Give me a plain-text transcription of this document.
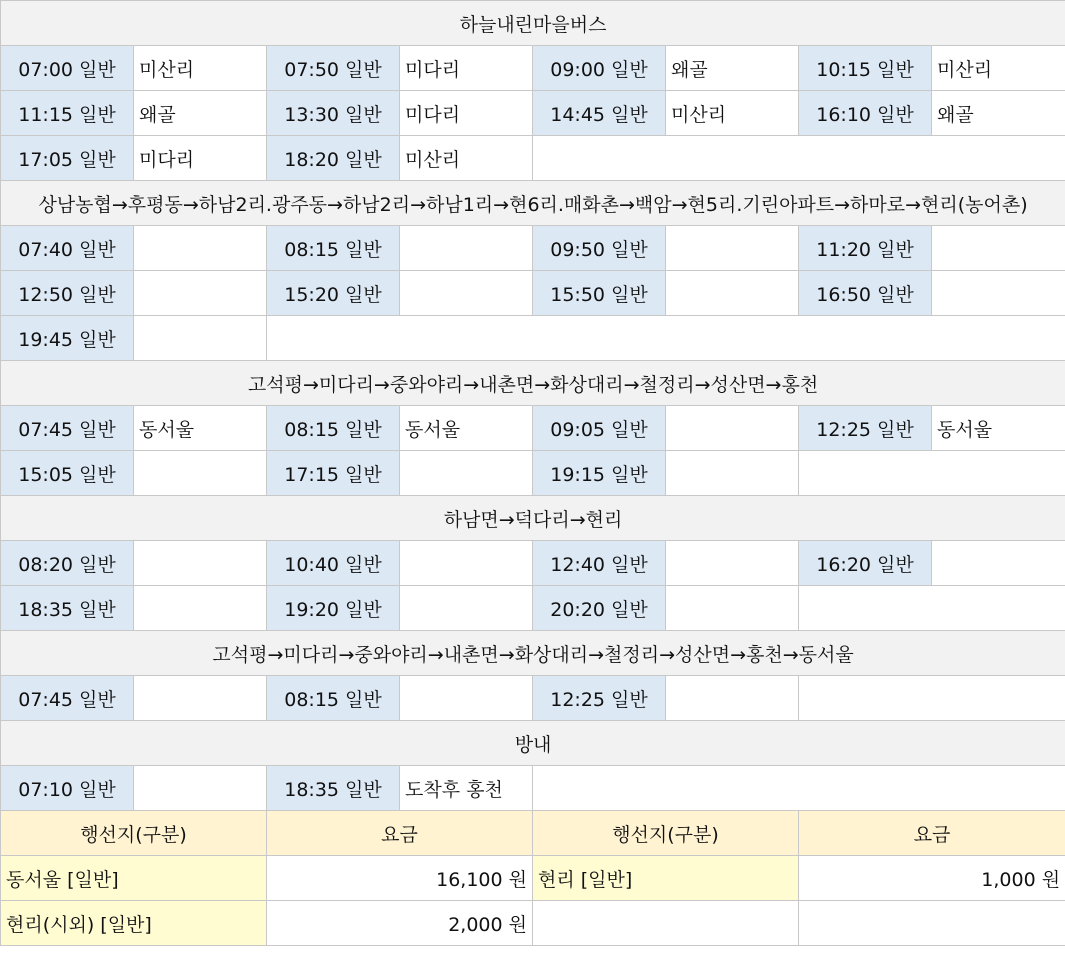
하늘내린마을버스							
07:00 일반	미산리	07:50 일반	미다리	09:00 일반	왜골	10:15 일반	미산리
11:15 일반	왜골	13:30 일반	미다리	14:45 일반	미산리	16:10 일반	왜골
17:05 일반	미다리	18:20 일반	미산리				
상남농협→후평동→하남2리.광주동→하남2리→하남1리→현6리.매화촌→백암→현5리.기린아파트→하마로→현리(농어촌)							
07:40 일반		08:15 일반		09:50 일반		11:20 일반	
12:50 일반		15:20 일반		15:50 일반		16:50 일반	
19:45 일반							
고석평→미다리→중와야리→내촌면→화상대리→철정리→성산면→홍천							
07:45 일반	동서울	08:15 일반	동서울	09:05 일반		12:25 일반	동서울
15:05 일반		17:15 일반		19:15 일반			
하남면→덕다리→현리							
08:20 일반		10:40 일반		12:40 일반		16:20 일반	
18:35 일반		19:20 일반		20:20 일반			
고석평→미다리→중와야리→내촌면→화상대리→철정리→성산면→홍천→동서울							
07:45 일반		08:15 일반		12:25 일반			
방내							
07:10 일반		18:35 일반	도착후 홍천				
행선지(구분)		요금		행선지(구분)		요금	
동서울 [일반]		16,100 원		현리 [일반]		1,000 원	
현리(시외) [일반]		2,000 원					
